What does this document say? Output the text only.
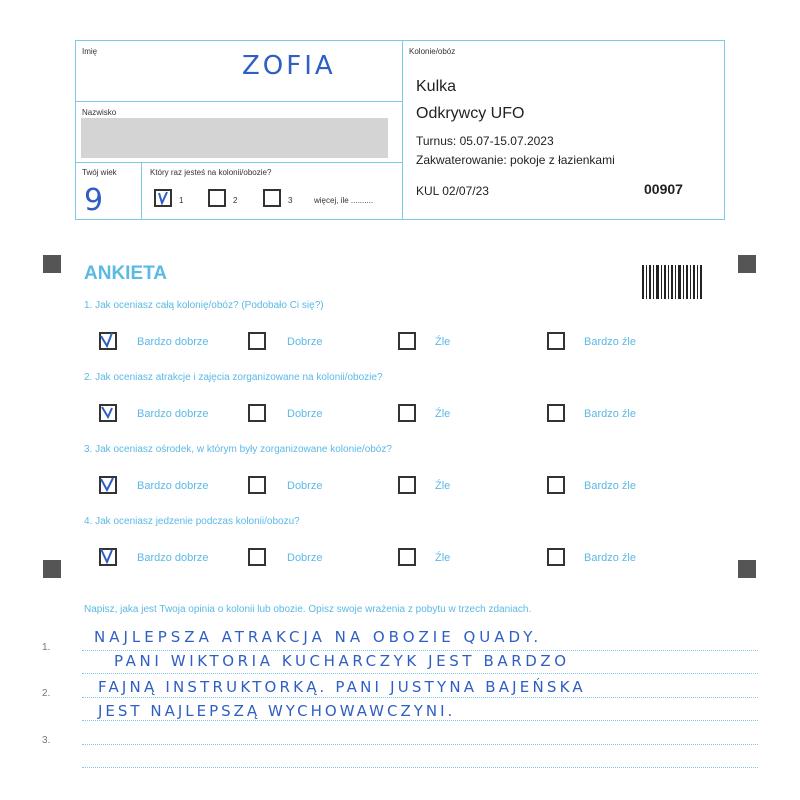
Imię	ZOFIA
Nazwisko
Twój wiek
9
Który raz jesteś na kolonii/obozie?
1	2	3	więcej, ile ..........
Kolonie/obóz
Kulka
Odkrywcy UFO
Turnus: 05.07-15.07.2023
Zakwaterowanie: pokoje z łazienkami
KUL 02/07/23	00907
ANKIETA
1. Jak oceniasz całą kolonię/obóz? (Podobało Ci się?)
Bardzo dobrze	Dobrze	Źle	Bardzo źle
2. Jak oceniasz atrakcje i zajęcia zorganizowane na kolonii/obozie?
Bardzo dobrze	Dobrze	Źle	Bardzo źle
3. Jak oceniasz ośrodek, w którym były zorganizowane kolonie/obóz?
Bardzo dobrze	Dobrze	Źle	Bardzo źle
4. Jak oceniasz jedzenie podczas kolonii/obozu?
Bardzo dobrze	Dobrze	Źle	Bardzo źle
Napisz, jaka jest Twoja opinia o kolonii lub obozie. Opisz swoje wrażenia z pobytu w trzech zdaniach.
1.
2.
3.
NAJLEPSZA ATRAKCJA NA OBOZIE QUADY.
PANI WIKTORIA KUCHARCZYK JEST BARDZO
FAJNĄ INSTRUKTORKĄ. PANI JUSTYNA BAJEŃSKA
JEST NAJLEPSZĄ WYCHOWAWCZYNI.
